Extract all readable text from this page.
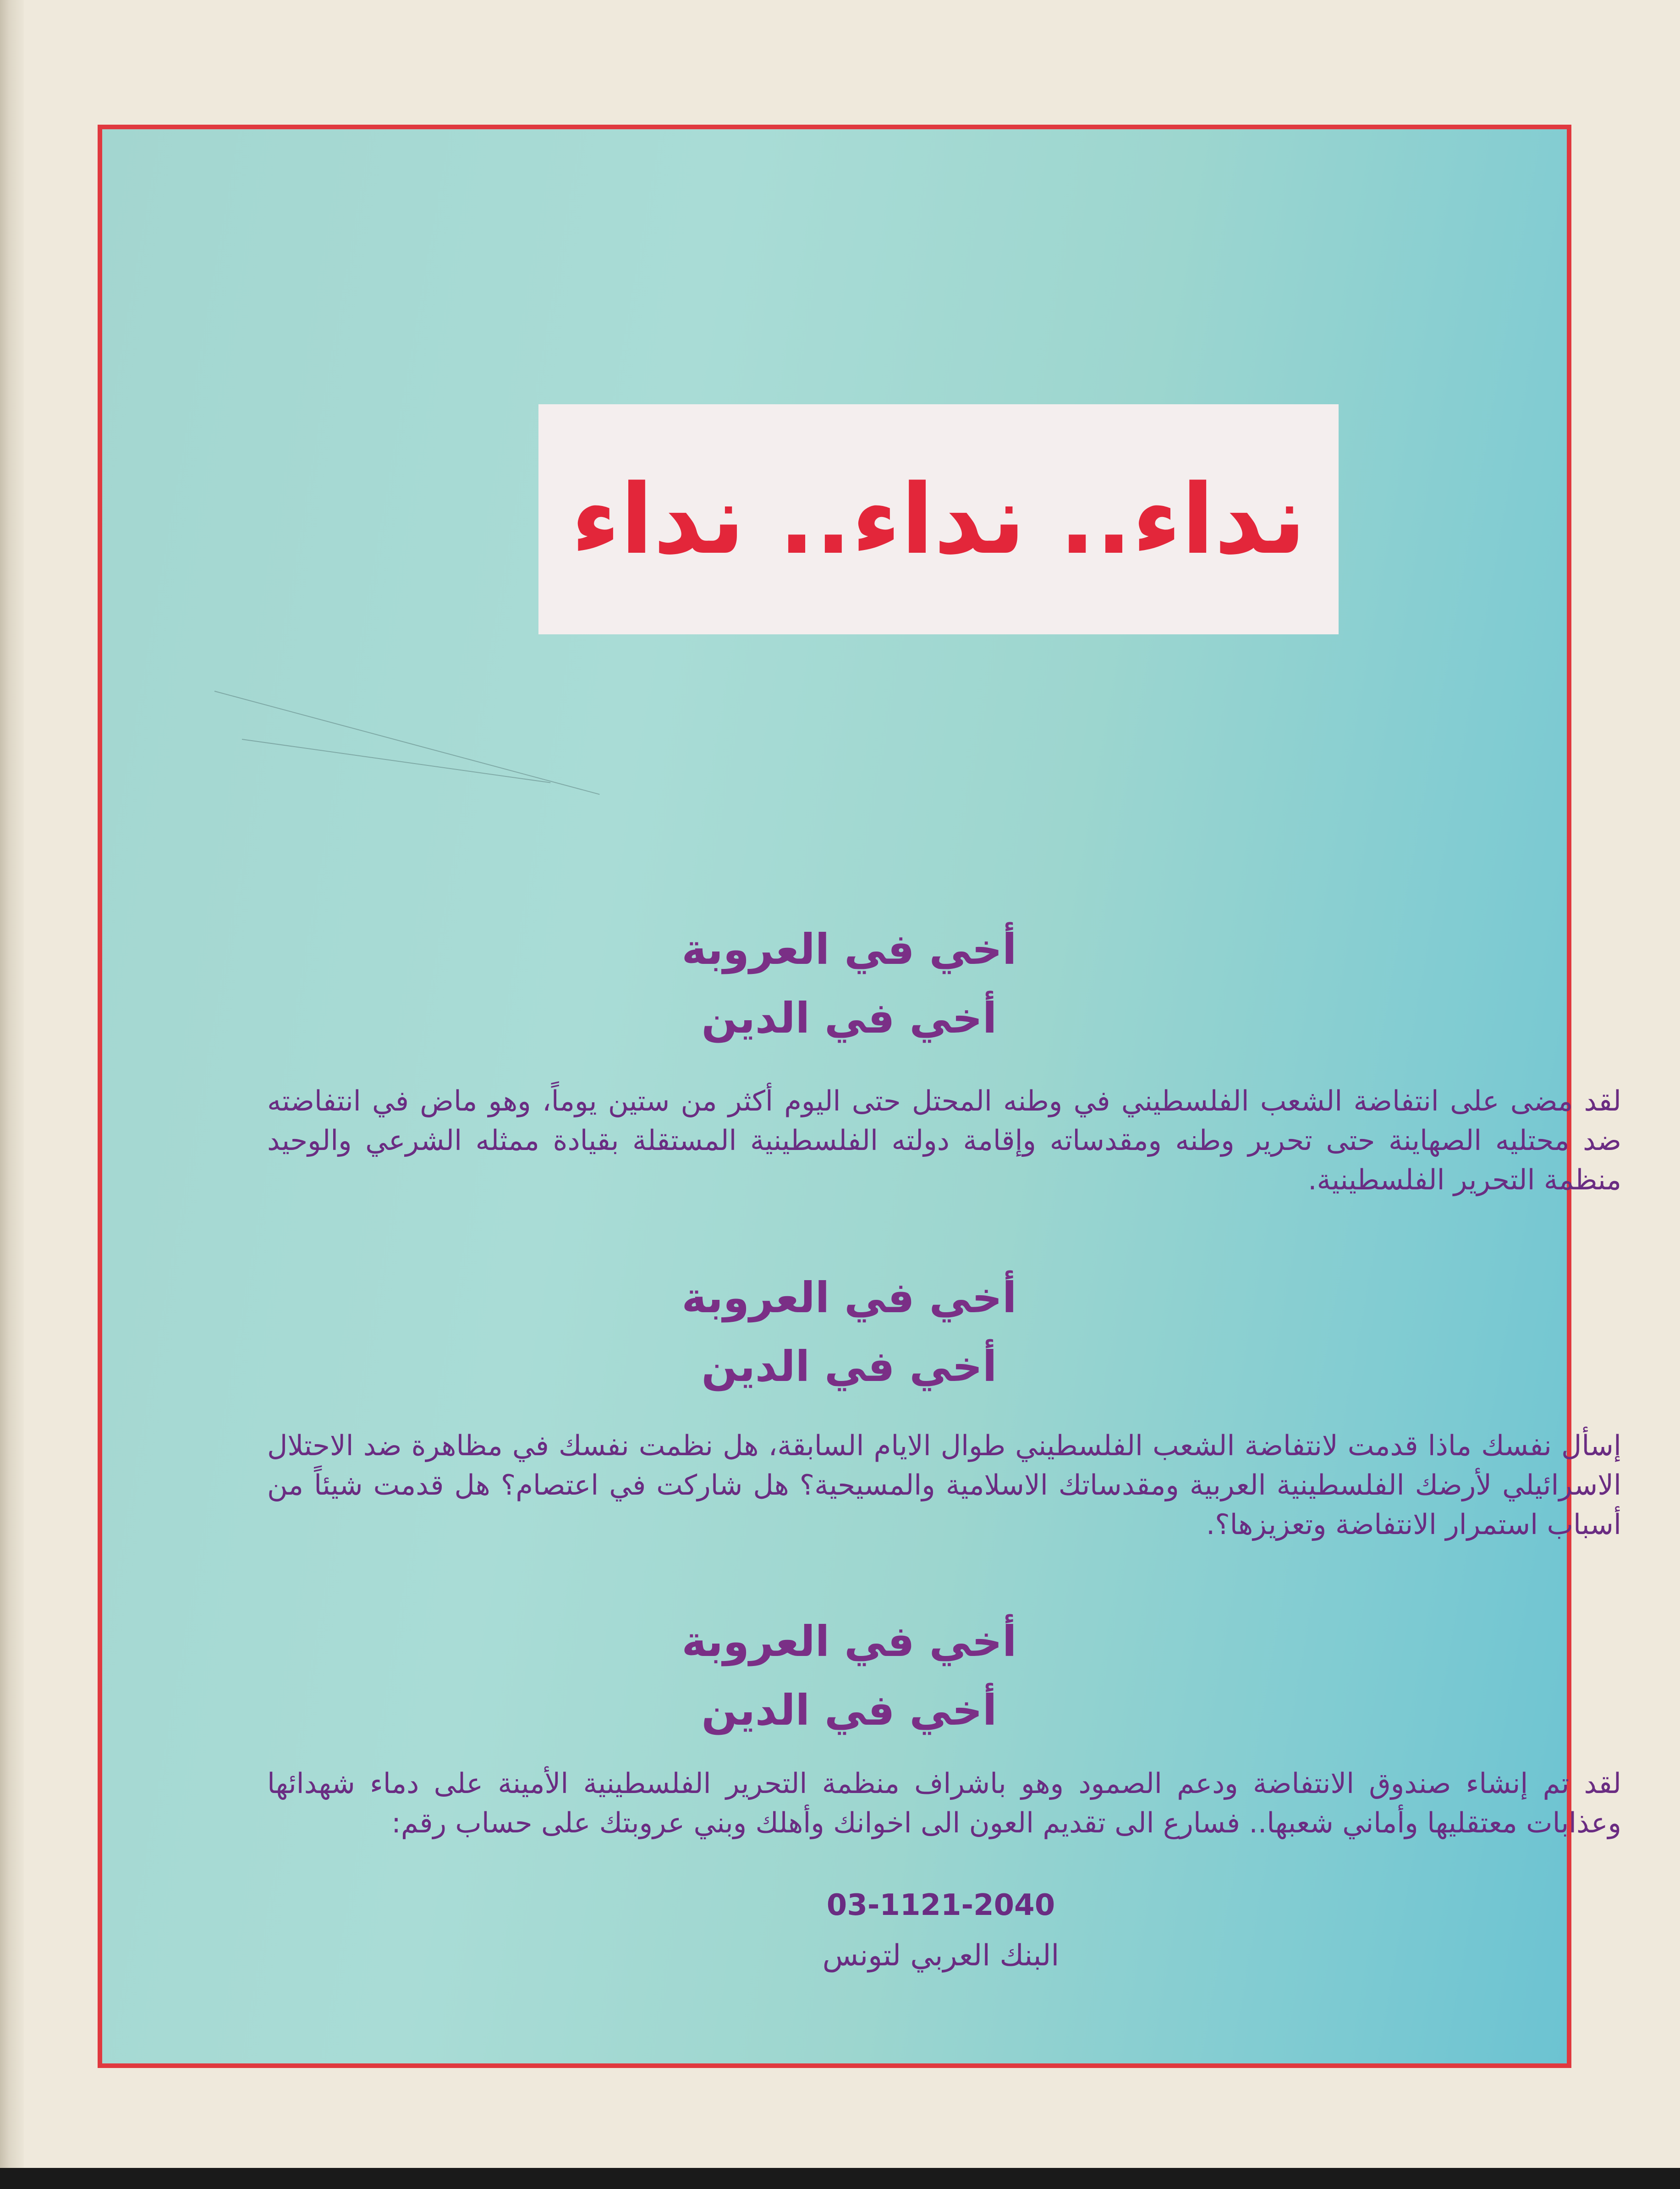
نداء.. نداء.. نداء
أخي في العروبة
أخي في الدين
لقد مضى على انتفاضة الشعب الفلسطيني في وطنه المحتل حتى اليوم أكثر من ستين يوماً، وهو ماض في انتفاضته ضد محتليه الصهاينة حتى تحرير وطنه ومقدساته وإقامة دولته الفلسطينية المستقلة بقيادة ممثله الشرعي والوحيد منظمة التحرير الفلسطينية.
أخي في العروبة
أخي في الدين
إسأل نفسك ماذا قدمت لانتفاضة الشعب الفلسطيني طوال الايام السابقة، هل نظمت نفسك في مظاهرة ضد الاحتلال الاسرائيلي لأرضك الفلسطينية العربية ومقدساتك الاسلامية والمسيحية؟ هل شاركت في اعتصام؟ هل قدمت شيئاً من أسباب استمرار الانتفاضة وتعزيزها؟.
أخي في العروبة
أخي في الدين
لقد تم إنشاء صندوق الانتفاضة ودعم الصمود وهو باشراف منظمة التحرير الفلسطينية الأمينة على دماء شهدائها وعذابات معتقليها وأماني شعبها.. فسارع الى تقديم العون الى اخوانك وأهلك وبني عروبتك على حساب رقم:
03-1121-2040
البنك العربي لتونس
